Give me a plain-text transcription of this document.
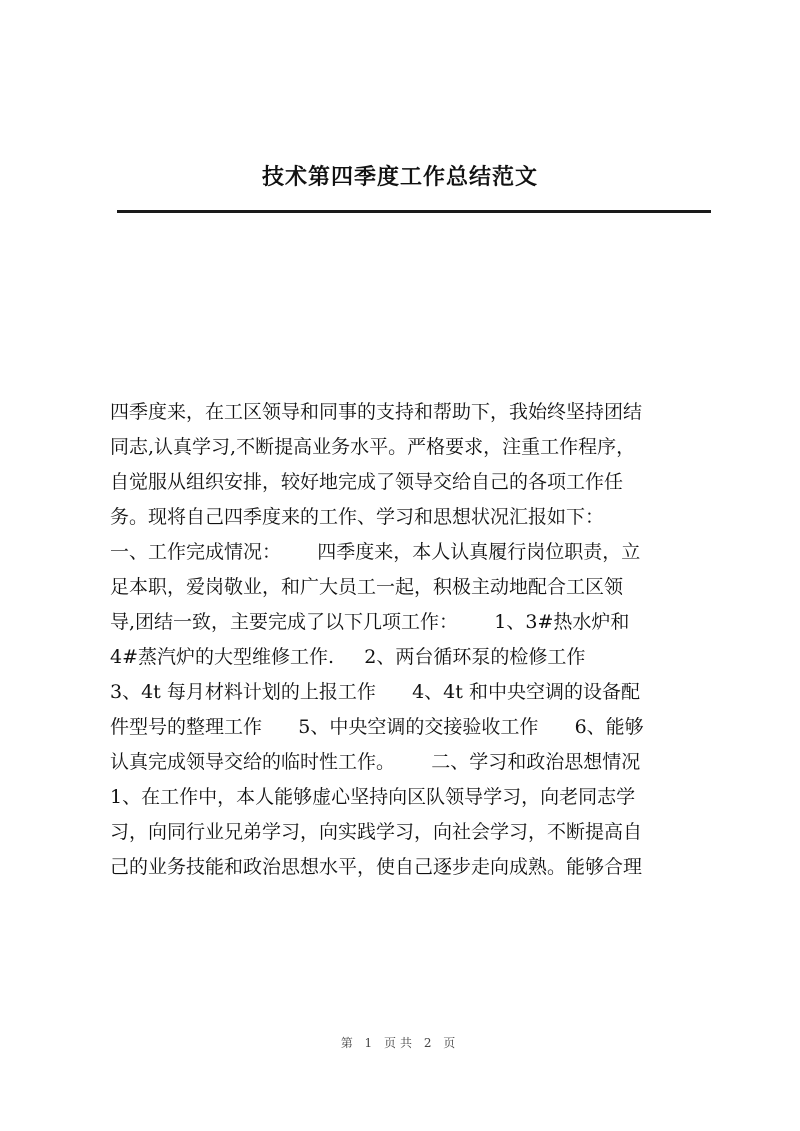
技术第四季度工作总结范文
四季度来，在工区领导和同事的支持和帮助下，我始终坚持团结
同志,认真学习,不断提高业务水平。严格要求，注重工作程序，
自觉服从组织安排，较好地完成了领导交给自己的各项工作任
务。现将自己四季度来的工作、学习和思想状况汇报如下：
一、工作完成情况：      四季度来，本人认真履行岗位职责，立
足本职，爱岗敬业，和广大员工一起，积极主动地配合工区领
导,团结一致，主要完成了以下几项工作：      1、3#热水炉和
4#蒸汽炉的大型维修工作.     2、两台循环泵的检修工作
3、4t 每月材料计划的上报工作      4、4t 和中央空调的设备配
件型号的整理工作      5、中央空调的交接验收工作      6、能够
认真完成领导交给的临时性工作。      二、学习和政治思想情况
1、在工作中，本人能够虚心坚持向区队领导学习，向老同志学
习，向同行业兄弟学习，向实践学习，向社会学习，不断提高自
己的业务技能和政治思想水平，使自己逐步走向成熟。能够合理
第 1 页共 2 页
